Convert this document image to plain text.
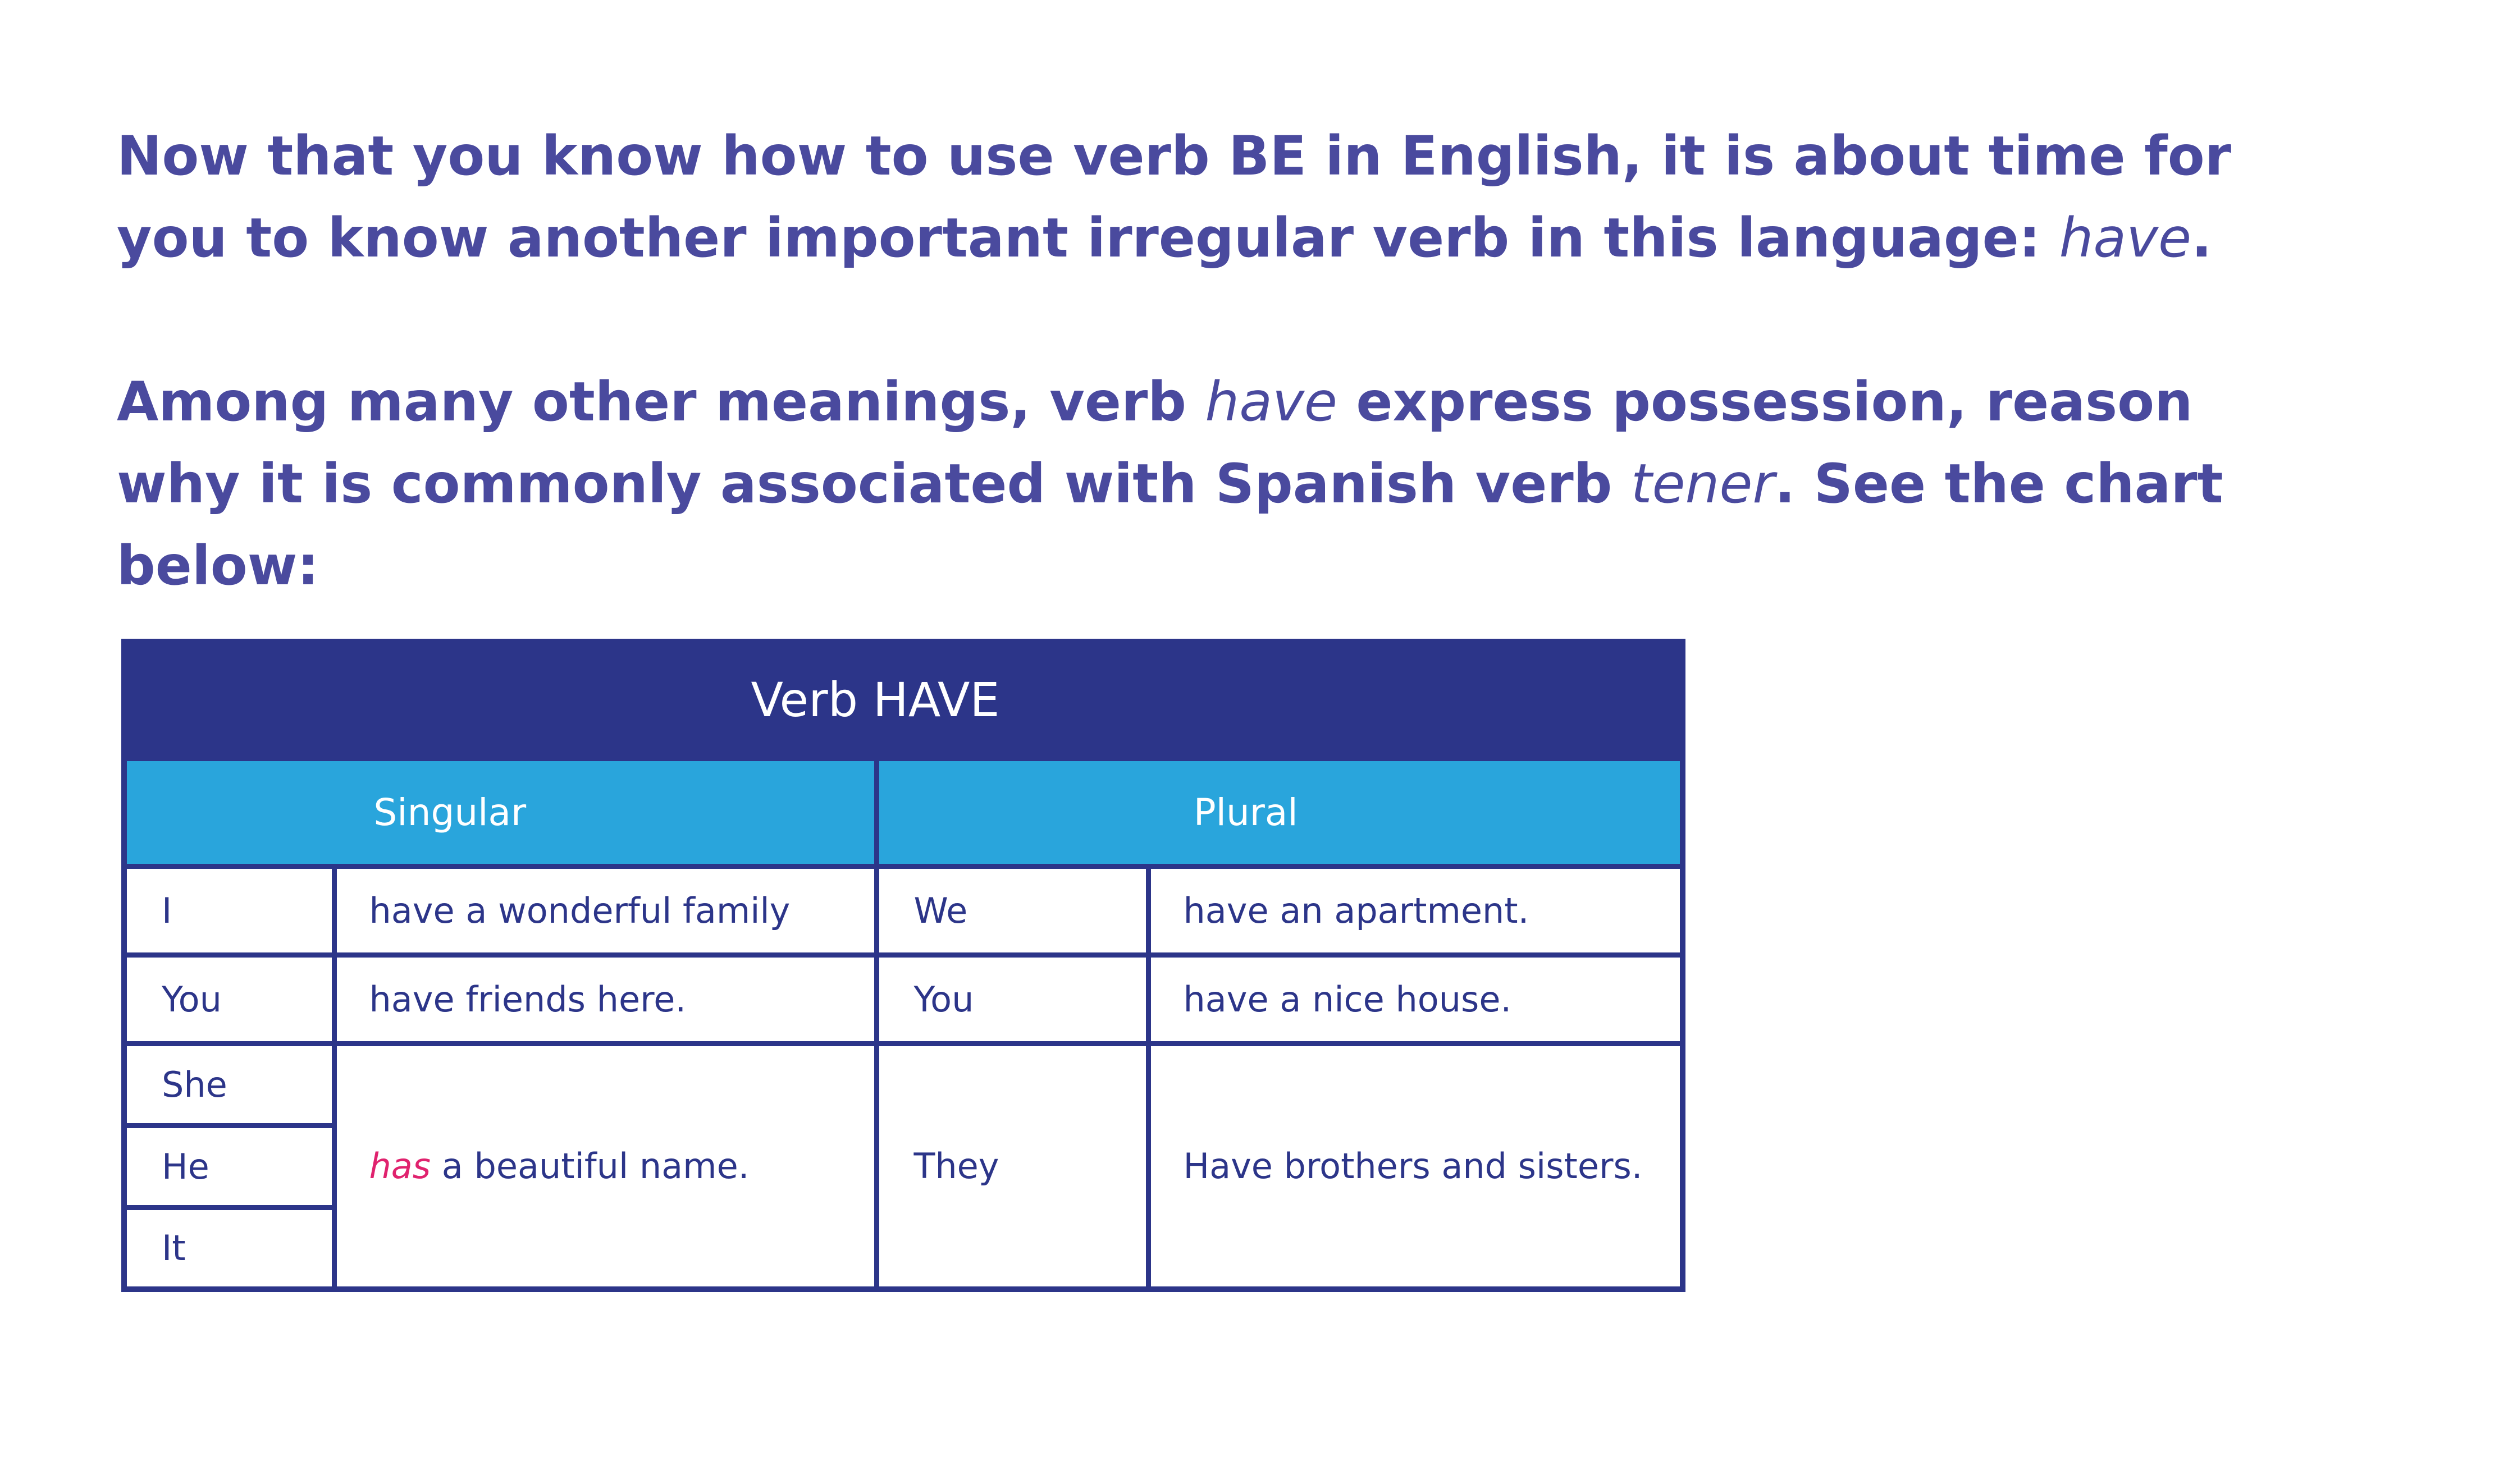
Now that you know how to use verb BE in English, it is about time for you to know another important irregular verb in this language: have.

Among many other meanings, verb have express possession, reason why it is commonly associated with Spanish verb tener. See the chart below:

Verb HAVE			
Singular		Plural	
I	have a wonderful family	We	have an apartment.
You	have friends here.	You	have a nice house.
She	has a beautiful name.	They	Have brothers and sisters.
He			
It			
